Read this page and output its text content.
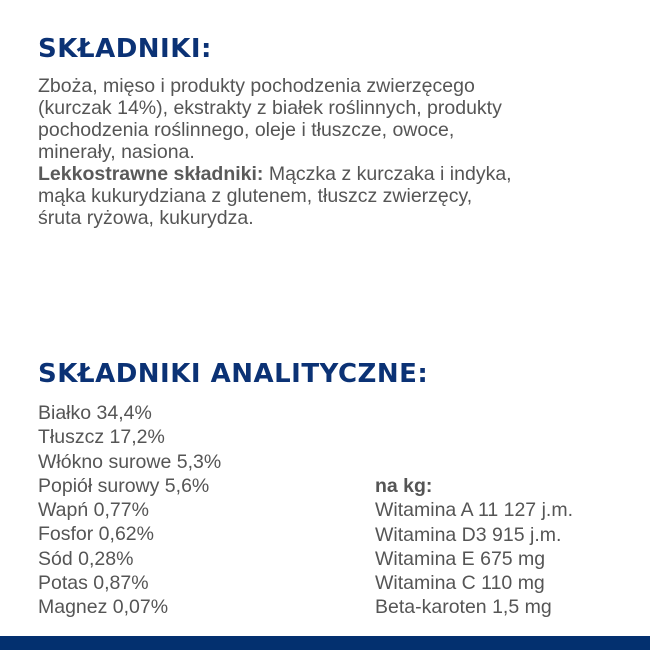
SKŁADNIKI:

Zboża, mięso i produkty pochodzenia zwierzęcego
(kurczak 14%), ekstrakty z białek roślinnych, produkty
pochodzenia roślinnego, oleje i tłuszcze, owoce,
minerały, nasiona.
Lekkostrawne składniki: Mączka z kurczaka i indyka,
mąka kukurydziana z glutenem, tłuszcz zwierzęcy,
śruta ryżowa, kukurydza.

SKŁADNIKI ANALITYCZNE:
Białko 34,4%
Tłuszcz 17,2%
Włókno surowe 5,3%
Popiół surowy 5,6%
Wapń 0,77%
Fosfor 0,62%
Sód 0,28%
Potas 0,87%
Magnez 0,07%
na kg:
Witamina A 11 127 j.m.
Witamina D3 915 j.m.
Witamina E 675 mg
Witamina C 110 mg
Beta-karoten 1,5 mg
